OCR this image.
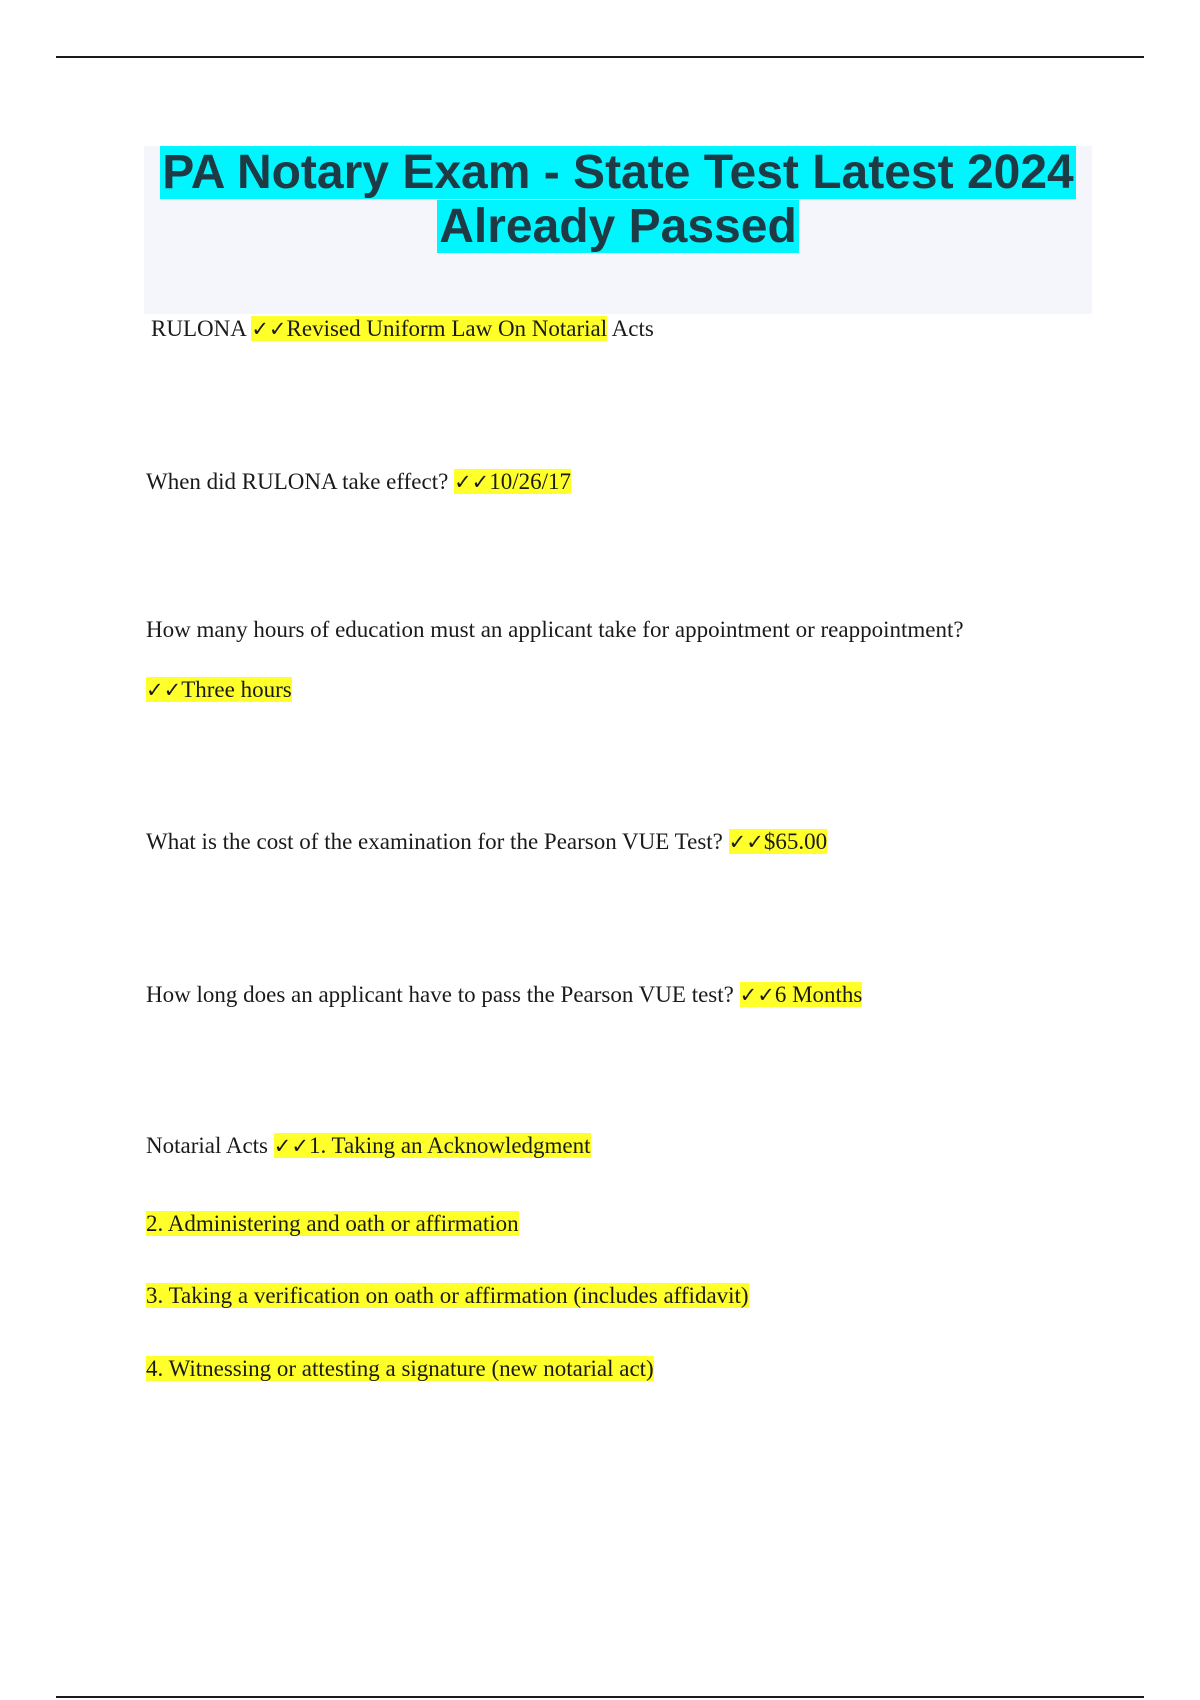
PA Notary Exam - State Test Latest 2024
Already Passed
RULONA ✓✓Revised Uniform Law On Notarial Acts
When did RULONA take effect? ✓✓10/26/17
How many hours of education must an applicant take for appointment or reappointment?
✓✓Three hours
What is the cost of the examination for the Pearson VUE Test? ✓✓$65.00
How long does an applicant have to pass the Pearson VUE test? ✓✓6 Months
Notarial Acts ✓✓1. Taking an Acknowledgment
2. Administering and oath or affirmation
3. Taking a verification on oath or affirmation (includes affidavit)
4. Witnessing or attesting a signature (new notarial act)
